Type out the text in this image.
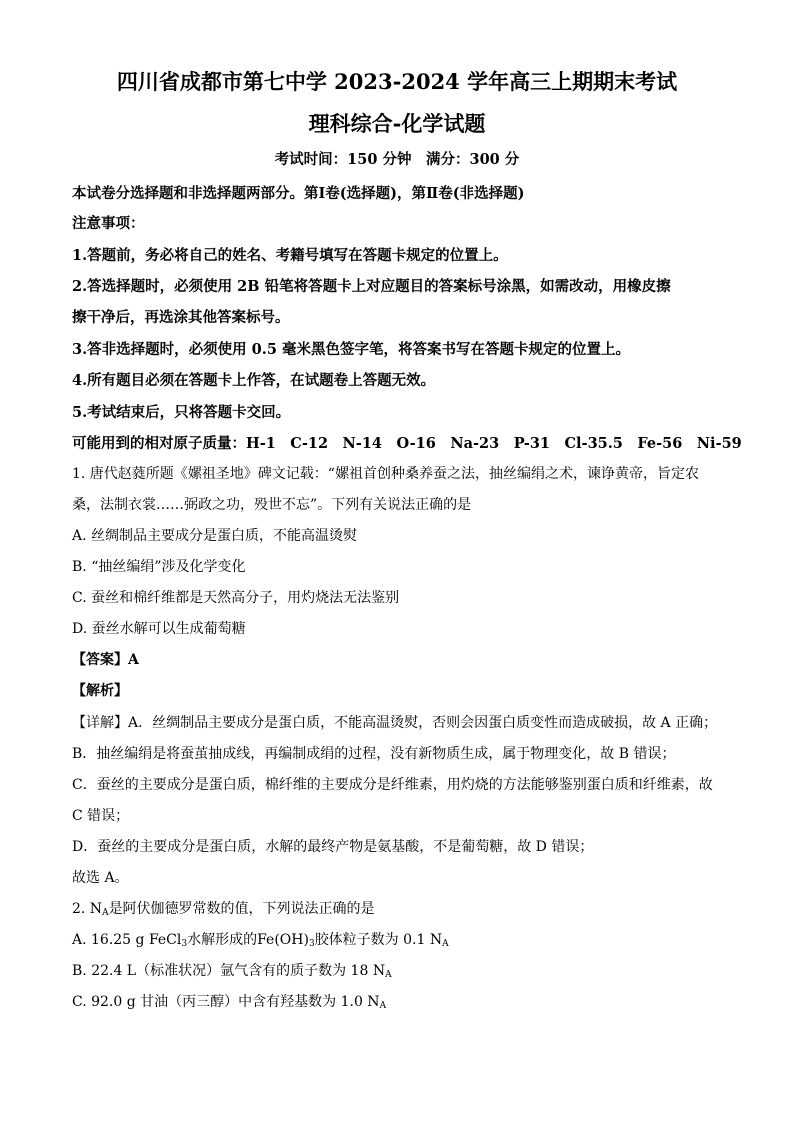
四川省成都市第七中学 2023-2024 学年高三上期期末考试
理科综合-化学试题
考试时间：150 分钟　满分：300 分
本试卷分选择题和非选择题两部分。第Ⅰ卷(选择题)，第Ⅱ卷(非选择题)
注意事项：
1.答题前，务必将自己的姓名、考籍号填写在答题卡规定的位置上。
2.答选择题时，必须使用 2B 铅笔将答题卡上对应题目的答案标号涂黑，如需改动，用橡皮擦
擦干净后，再选涂其他答案标号。
3.答非选择题时，必须使用 0.5 毫米黑色签字笔，将答案书写在答题卡规定的位置上。
4.所有题目必须在答题卡上作答，在试题卷上答题无效。
5.考试结束后，只将答题卡交回。
可能用到的相对原子质量：H-1　C-12　N-14　O-16　Na-23　P-31　Cl-35.5　Fe-56　Ni-59
1. 唐代赵蕤所题《嫘祖圣地》碑文记载：“嫘祖首创种桑养蚕之法，抽丝编绢之术，谏诤黄帝，旨定农
桑，法制衣裳……弼政之功，殁世不忘”。下列有关说法正确的是
A. 丝绸制品主要成分是蛋白质，不能高温烫熨
B. “抽丝编绢”涉及化学变化
C. 蚕丝和棉纤维都是天然高分子，用灼烧法无法鉴别
D. 蚕丝水解可以生成葡萄糖
【答案】A
【解析】
【详解】A．丝绸制品主要成分是蛋白质，不能高温烫熨，否则会因蛋白质变性而造成破损，故 A 正确；
B．抽丝编绢是将蚕茧抽成线，再编制成绢的过程，没有新物质生成，属于物理变化，故 B 错误；
C．蚕丝的主要成分是蛋白质，棉纤维的主要成分是纤维素，用灼烧的方法能够鉴别蛋白质和纤维素，故
C 错误；
D．蚕丝的主要成分是蛋白质，水解的最终产物是氨基酸，不是葡萄糖，故 D 错误；
故选 A。
2. $N_A$是阿伏伽德罗常数的值，下列说法正确的是
A. 16.25 g FeCl$_3$水解形成的$Fe(OH)_3$胶体粒子数为 0.1 $N_A$
B. 22.4 L（标准状况）氩气含有的质子数为 18 $N_A$
C. 92.0 g 甘油（丙三醇）中含有羟基数为 1.0 $N_A$
